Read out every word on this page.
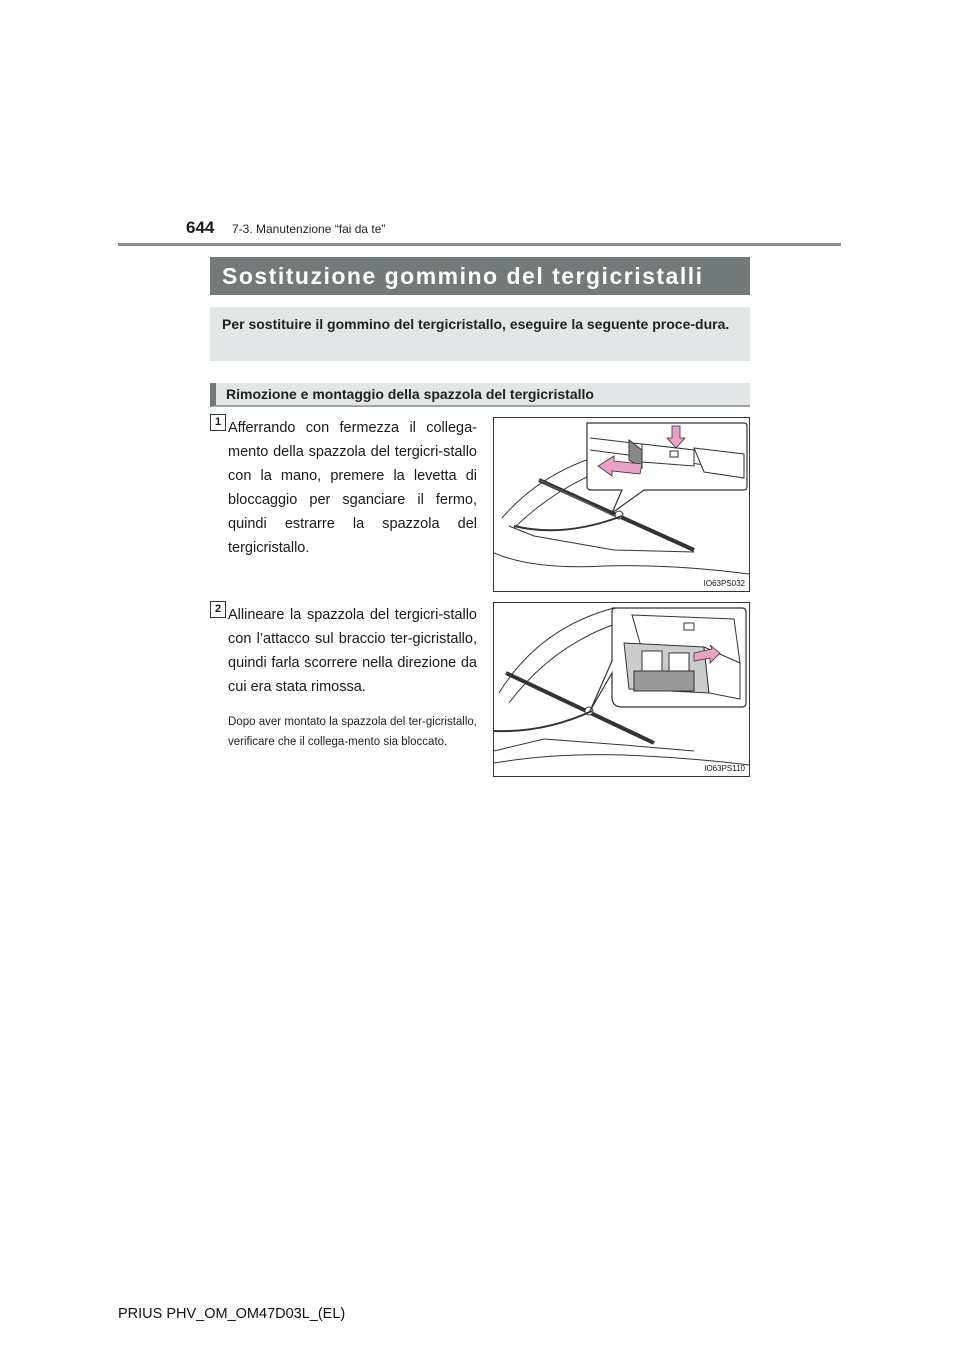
644 7-3. Manutenzione “fai da te”
Sostituzione gommino del tergicristalli
Per sostituire il gommino del tergicristallo, eseguire la seguente proce-dura.
Rimozione e montaggio della spazzola del tergicristallo
1 Afferrando con fermezza il collega-mento della spazzola del tergicri-stallo con la mano, premere la levetta di bloccaggio per sganciare il fermo, quindi estrarre la spazzola del tergicristallo.
IO63PS032
2 Allineare la spazzola del tergicri-stallo con l’attacco sul braccio ter-gicristallo, quindi farla scorrere nella direzione da cui era stata rimossa.
Dopo aver montato la spazzola del ter-gicristallo, verificare che il collega-mento sia bloccato.
IO63PS110
PRIUS PHV_OM_OM47D03L_(EL)
